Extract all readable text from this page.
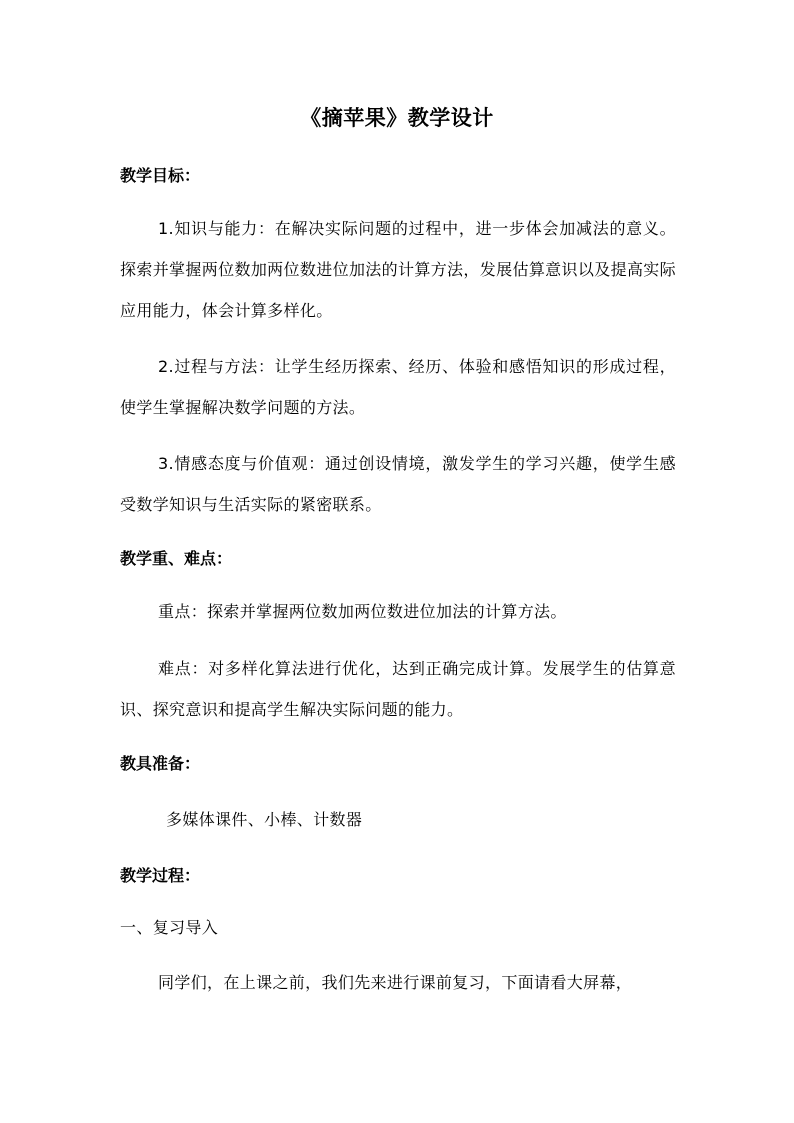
《摘苹果》教学设计
教学目标：

1.知识与能力：在解决实际问题的过程中，进一步体会加减法的意义。探索并掌握两位数加两位数进位加法的计算方法，发展估算意识以及提高实际应用能力，体会计算多样化。

2.过程与方法：让学生经历探索、经历、体验和感悟知识的形成过程，使学生掌握解决数学问题的方法。

3.情感态度与价值观：通过创设情境，激发学生的学习兴趣，使学生感受数学知识与生活实际的紧密联系。

教学重、难点：

重点：探索并掌握两位数加两位数进位加法的计算方法。

难点：对多样化算法进行优化，达到正确完成计算。发展学生的估算意识、探究意识和提高学生解决实际问题的能力。

教具准备：
多媒体课件、小棒、计数器
教学过程：
一、复习导入
同学们，在上课之前，我们先来进行课前复习，下面请看大屏幕，
